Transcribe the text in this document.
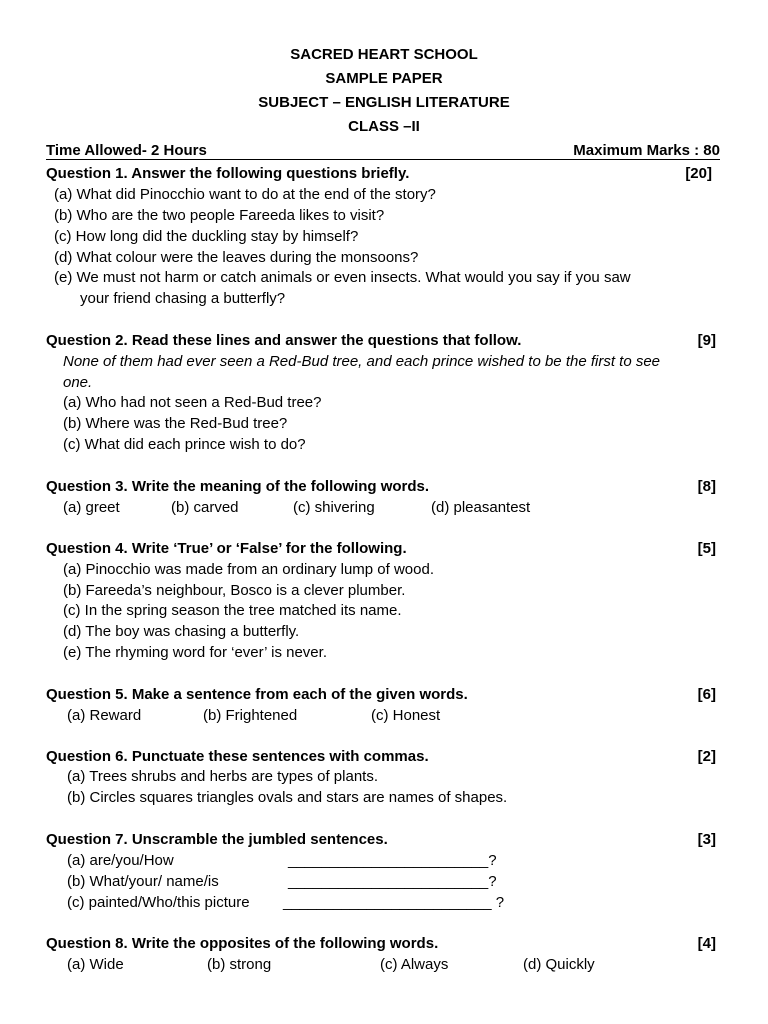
SACRED HEART SCHOOL
SAMPLE PAPER
SUBJECT – ENGLISH LITERATURE
CLASS –II
Time Allowed- 2 Hours	Maximum Marks : 80
Question 1. Answer the following questions briefly.	[20]
(a) What did Pinocchio want to do at the end of the story?
(b) Who are the two people Fareeda likes to visit?
(c) How long did the duckling stay by himself?
(d) What colour were the leaves during the monsoons?
(e) We must not harm or catch animals or even insects. What would you say if you saw
your friend chasing a butterfly?
Question 2. Read these lines and answer the questions that follow.	[9]
None of them had ever seen a Red-Bud tree, and each prince wished to be the first to see
one.
(a) Who had not seen a Red-Bud tree?
(b) Where was the Red-Bud tree?
(c) What did each prince wish to do?
Question 3. Write the meaning of the following words.	[8]
(a) greet	(b) carved	(c) shivering	(d) pleasantest
Question 4. Write ‘True’ or ‘False’ for the following.	[5]
(a) Pinocchio was made from an ordinary lump of wood.
(b) Fareeda’s neighbour, Bosco is a clever plumber.
(c) In the spring season the tree matched its name.
(d) The boy was chasing a butterfly.
(e) The rhyming word for ‘ever’ is never.
Question 5. Make a sentence from each of the given words.	[6]
(a) Reward	(b) Frightened	(c) Honest
Question 6. Punctuate these sentences with commas.	[2]
(a) Trees shrubs and herbs are types of plants.
(b) Circles squares triangles ovals and stars are names of shapes.
Question 7. Unscramble the jumbled sentences.	[3]
(a) are/you/How	________________________?
(b) What/your/ name/is	________________________?
(c) painted/Who/this picture _________________________ ?
Question 8. Write the opposites of the following words.	[4]
(a) Wide	(b) strong	(c) Always	(d) Quickly
